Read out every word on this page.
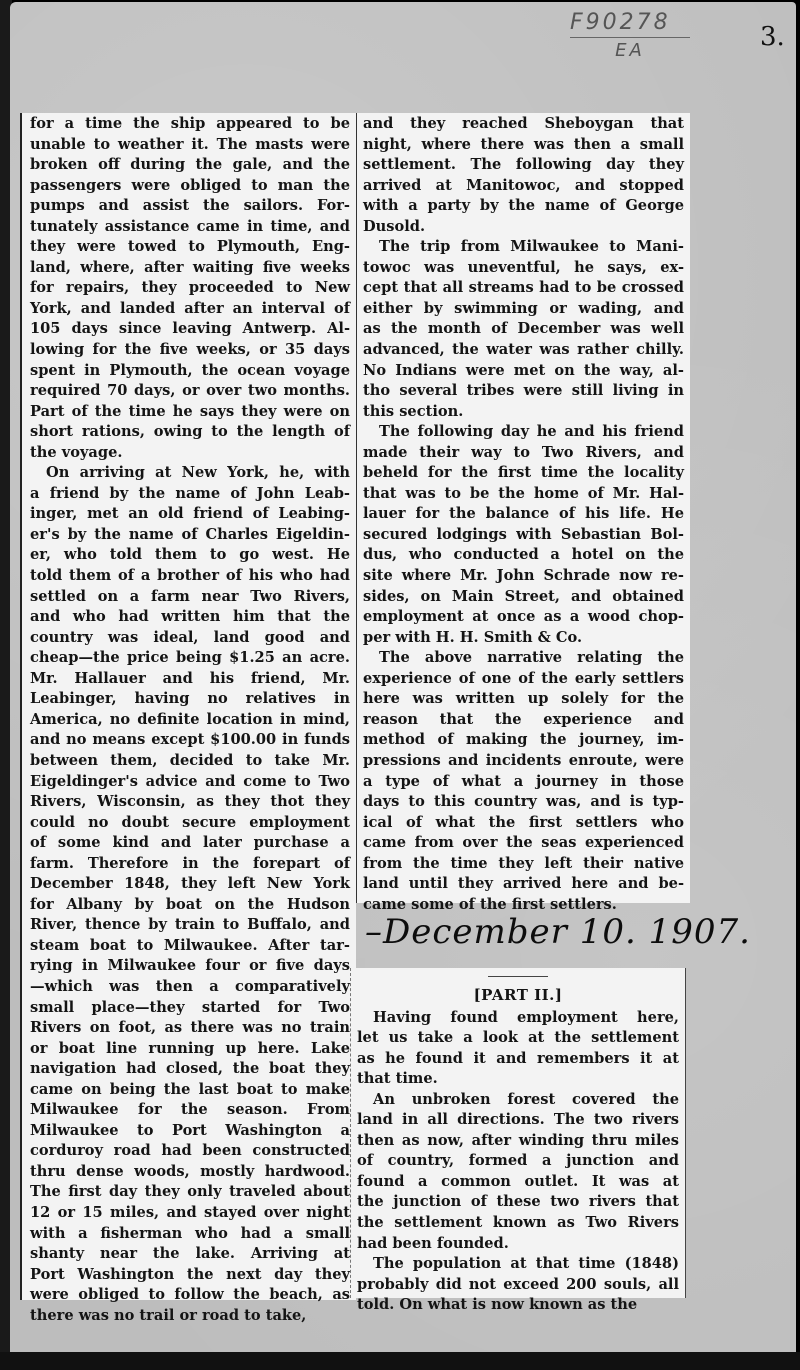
F90278
EA	3.

for a time the ship appeared to be
unable to weather it. The masts were
broken off during the gale, and the
passengers were obliged to man the
pumps and assist the sailors. For-
tunately assistance came in time, and
they were towed to Plymouth, Eng-
land, where, after waiting five weeks
for repairs, they proceeded to New
York, and landed after an interval of
105 days since leaving Antwerp. Al-
lowing for the five weeks, or 35 days
spent in Plymouth, the ocean voyage
required 70 days, or over two months.
Part of the time he says they were on
short rations, owing to the length of
the voyage.

On arriving at New York, he, with
a friend by the name of John Leab-
inger, met an old friend of Leabing-
er's by the name of Charles Eigeldin-
er, who told them to go west. He
told them of a brother of his who had
settled on a farm near Two Rivers,
and who had written him that the
country was ideal, land good and
cheap—the price being $1.25 an acre.
Mr. Hallauer and his friend, Mr.
Leabinger, having no relatives in
America, no definite location in mind,
and no means except $100.00 in funds
between them, decided to take Mr.
Eigeldinger's advice and come to Two
Rivers, Wisconsin, as they thot they
could no doubt secure employment
of some kind and later purchase a
farm. Therefore in the forepart of
December 1848, they left New York
for Albany by boat on the Hudson
River, thence by train to Buffalo, and
steam boat to Milwaukee. After tar-
rying in Milwaukee four or five days
—which was then a comparatively
small place—they started for Two
Rivers on foot, as there was no train
or boat line running up here. Lake
navigation had closed, the boat they
came on being the last boat to make
Milwaukee for the season. From
Milwaukee to Port Washington a
corduroy road had been constructed
thru dense woods, mostly hardwood.
The first day they only traveled about
12 or 15 miles, and stayed over night
with a fisherman who had a small
shanty near the lake. Arriving at
Port Washington the next day they
were obliged to follow the beach, as
there was no trail or road to take,

and they reached Sheboygan that
night, where there was then a small
settlement. The following day they
arrived at Manitowoc, and stopped
with a party by the name of George
Dusold.

The trip from Milwaukee to Mani-
towoc was uneventful, he says, ex-
cept that all streams had to be crossed
either by swimming or wading, and
as the month of December was well
advanced, the water was rather chilly.
No Indians were met on the way, al-
tho several tribes were still living in
this section.

The following day he and his friend
made their way to Two Rivers, and
beheld for the first time the locality
that was to be the home of Mr. Hal-
lauer for the balance of his life. He
secured lodgings with Sebastian Bol-
dus, who conducted a hotel on the
site where Mr. John Schrade now re-
sides, on Main Street, and obtained
employment at once as a wood chop-
per with H. H. Smith & Co.

The above narrative relating the
experience of one of the early settlers
here was written up solely for the
reason that the experience and
method of making the journey, im-
pressions and incidents enroute, were
a type of what a journey in those
days to this country was, and is typ-
ical of what the first settlers who
came from over the seas experienced
from the time they left their native
land until they arrived here and be-
came some of the first settlers.

–December 10. 1907.
[PART II.]

Having found employment here,
let us take a look at the settlement
as he found it and remembers it at
that time.

An unbroken forest covered the
land in all directions. The two rivers
then as now, after winding thru miles
of country, formed a junction and
found a common outlet. It was at
the junction of these two rivers that
the settlement known as Two Rivers
had been founded.

The population at that time (1848)
probably did not exceed 200 souls, all
told. On what is now known as the
